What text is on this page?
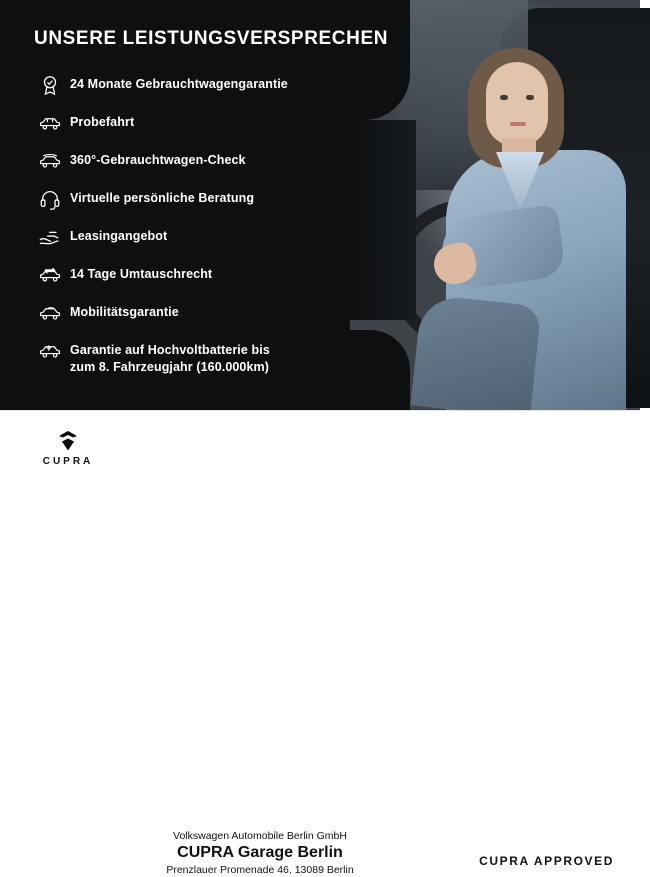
UNSERE LEISTUNGSVERSPRECHEN
24 Monate Gebrauchtwagengarantie
Probefahrt
360°-Gebrauchtwagen-Check
Virtuelle persönliche Beratung
Leasingangebot
14 Tage Umtauschrecht
Mobilitätsgarantie
Garantie auf Hochvoltbatterie bis
zum 8. Fahrzeugjahr (160.000km)
CUPRA
Volkswagen Automobile Berlin GmbH
CUPRA Garage Berlin
Prenzlauer Promenade 46, 13089 Berlin
CUPRA APPROVED
